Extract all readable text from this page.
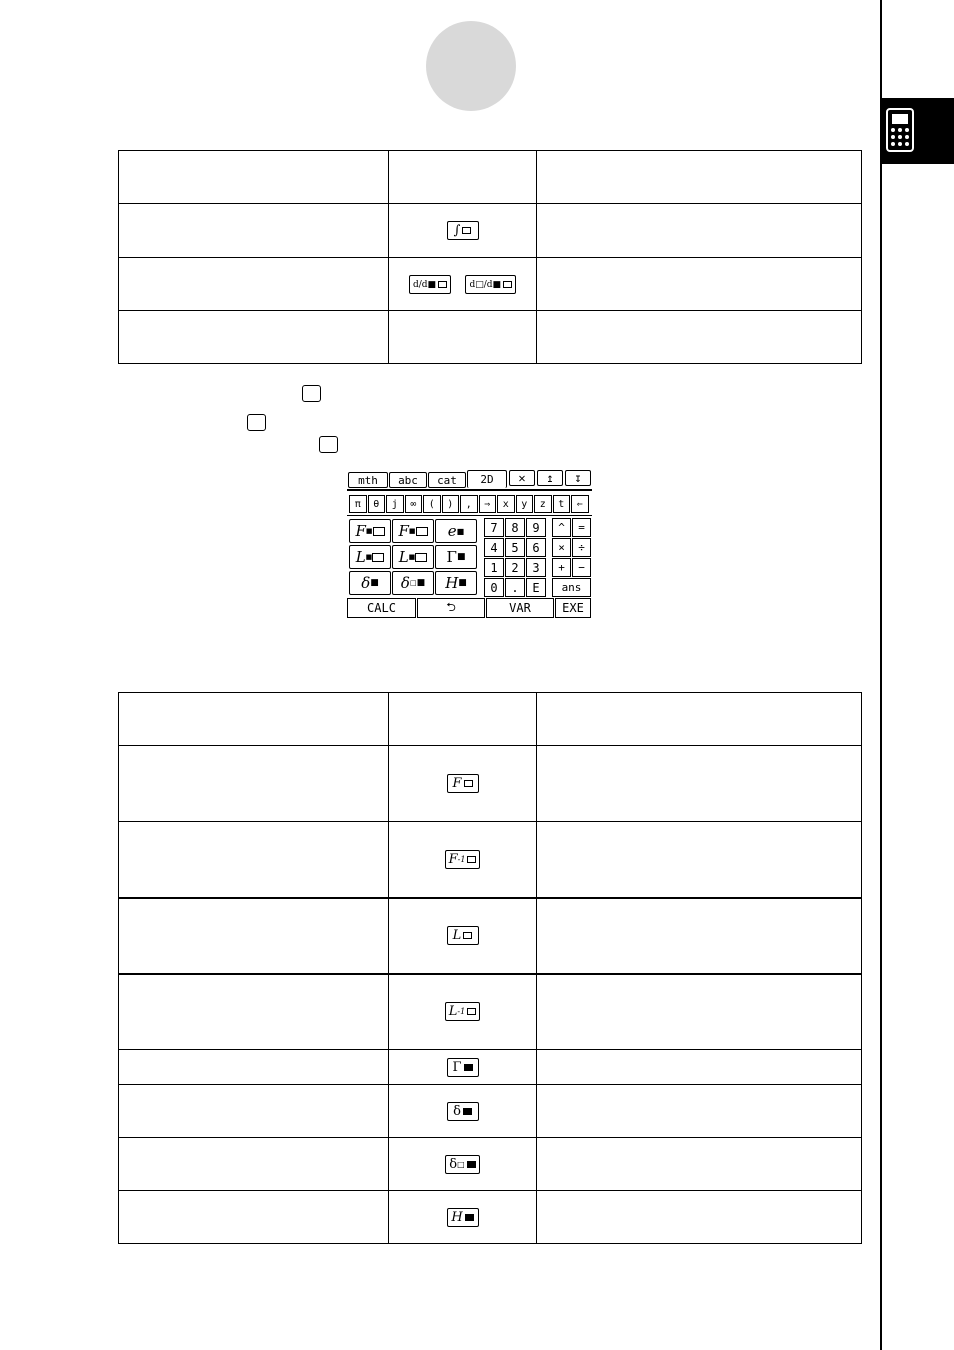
	∫	

	d/d■
d□/d■	

mth	abc	cat	2D	✕	↥	↧
F ■	F ■	e ■
L ■	L ■	Γ ■
δ ■	δ □ ■	H ■
CALC	⮌	VAR	EXE
π	θ	j	∞	(	)	,	⇒	x	y	z	t	⇐
7	8	9
4	5	6
1	2	3
0	.	E
^	=
×	÷
+	−
ans

	F	

	F -1	

	L	

	L -1	

	Γ	

	δ	

	δ □	

	H	
